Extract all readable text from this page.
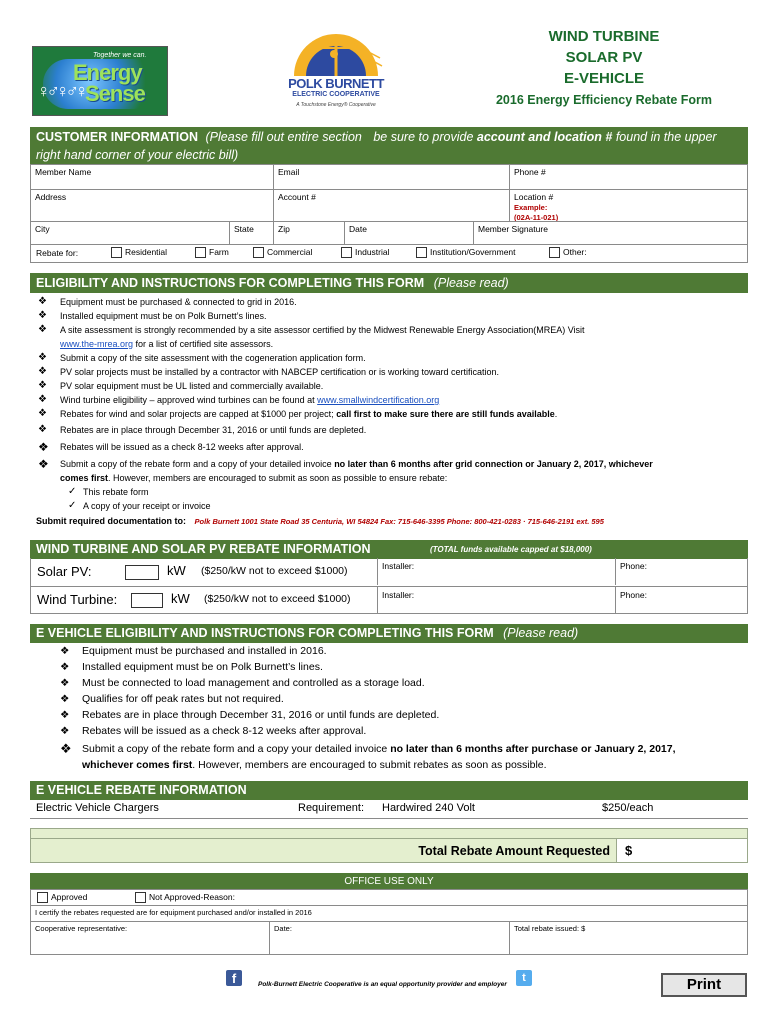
Together we can.
♀♂♀♂♀
Energy
Sense	POLK BURNETT
ELECTRIC COOPERATIVE
A Touchstone Energy® Cooperative
WIND TURBINE
SOLAR PV
E-VEHICLE
2016 Energy Efficiency Rebate Form
CUSTOMER INFORMATION (Please fill out entire section be sure to provide account and location # found in the upper
right hand corner of your electric bill)
Member Name	Email	Phone #
Address	Account #	Location #
Example:
(02A-11-021)
City	State	Zip	Date	Member Signature
Rebate for:	Residential	Farm	Commercial	Industrial	Institution/Government	Other:
ELIGIBILITY AND INSTRUCTIONS FOR COMPLETING THIS FORM (Please read)
❖ Equipment must be purchased & connected to grid in 2016.
❖ Installed equipment must be on Polk Burnett’s lines.
❖ A site assessment is strongly recommended by a site assessor certified by the Midwest Renewable Energy Association(MREA) Visit
www.the-mrea.org for a list of certified site assessors.
❖ Submit a copy of the site assessment with the cogeneration application form.
❖ PV solar projects must be installed by a contractor with NABCEP certification or is working toward certification.
❖ PV solar equipment must be UL listed and commercially available.
❖ Wind turbine eligibility – approved wind turbines can be found at www.smallwindcertification.org
❖ Rebates for wind and solar projects are capped at $1000 per project; call first to make sure there are still funds available.
❖ Rebates are in place through December 31, 2016 or until funds are depleted.
❖ Rebates will be issued as a check 8-12 weeks after approval.
❖ Submit a copy of the rebate form and a copy of your detailed invoice no later than 6 months after grid connection or January 2, 2017, whichever
comes first. However, members are encouraged to submit as soon as possible to ensure rebate:
✓ This rebate form
✓ A copy of your receipt or invoice
Submit required documentation to: Polk Burnett 1001 State Road 35 Centuria, WI 54824 Fax: 715-646-3395 Phone: 800-421-0283 · 715-646-2191 ext. 595
WIND TURBINE AND SOLAR PV REBATE INFORMATION	(TOTAL funds available capped at $18,000)
Solar PV:	kW ($250/kW not to exceed $1000)	Installer:	Phone:
Wind Turbine:	kW ($250/kW not to exceed $1000)	Installer:	Phone:
E VEHICLE ELIGIBILITY AND INSTRUCTIONS FOR COMPLETING THIS FORM (Please read)
❖ Equipment must be purchased and installed in 2016.
❖ Installed equipment must be on Polk Burnett’s lines.
❖ Must be connected to load management and controlled as a storage load.
❖ Qualifies for off peak rates but not required.
❖ Rebates are in place through December 31, 2016 or until funds are depleted.
❖ Rebates will be issued as a check 8-12 weeks after approval.
❖ Submit a copy of the rebate form and a copy your detailed invoice no later than 6 months after purchase or January 2, 2017,
whichever comes first. However, members are encouraged to submit rebates as soon as possible.
E VEHICLE REBATE INFORMATION
Electric Vehicle Chargers	Requirement: Hardwired 240 Volt	$250/each
Total Rebate Amount Requested $
OFFICE USE ONLY
Approved	Not Approved-Reason:
I certify the rebates requested are for equipment purchased and/or installed in 2016
Cooperative representative:	Date:	Total rebate issued: $
f	Polk-Burnett Electric Cooperative is an equal opportunity provider and employer
t	Print
